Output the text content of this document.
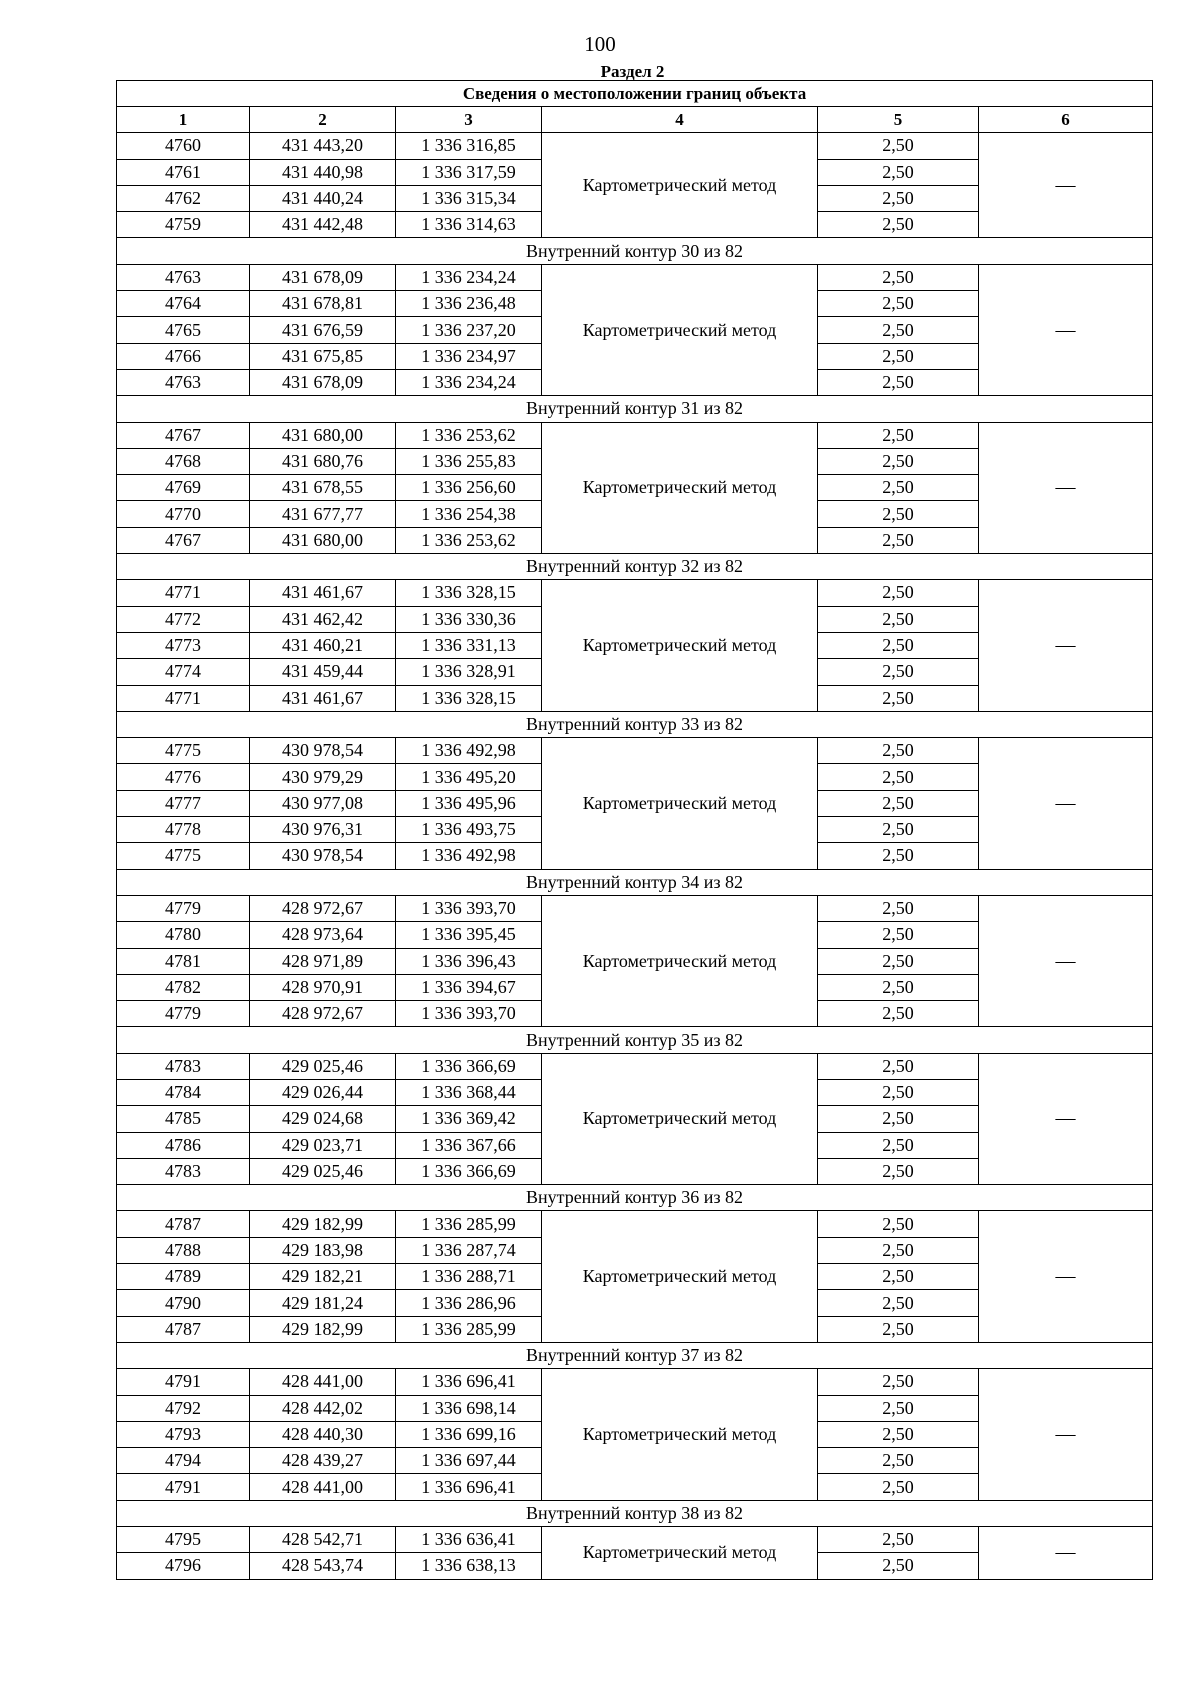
100
Раздел 2
Сведения о местоположении границ объекта					
1	2	3	4	5	6
4760	431 443,20	1 336 316,85	Картометрический метод	2,50	—
4761	431 440,98	1 336 317,59		2,50	
4762	431 440,24	1 336 315,34		2,50	
4759	431 442,48	1 336 314,63		2,50	
Внутренний контур 30 из 82					
4763	431 678,09	1 336 234,24	Картометрический метод	2,50	—
4764	431 678,81	1 336 236,48		2,50	
4765	431 676,59	1 336 237,20		2,50	
4766	431 675,85	1 336 234,97		2,50	
4763	431 678,09	1 336 234,24		2,50	
Внутренний контур 31 из 82					
4767	431 680,00	1 336 253,62	Картометрический метод	2,50	—
4768	431 680,76	1 336 255,83		2,50	
4769	431 678,55	1 336 256,60		2,50	
4770	431 677,77	1 336 254,38		2,50	
4767	431 680,00	1 336 253,62		2,50	
Внутренний контур 32 из 82					
4771	431 461,67	1 336 328,15	Картометрический метод	2,50	—
4772	431 462,42	1 336 330,36		2,50	
4773	431 460,21	1 336 331,13		2,50	
4774	431 459,44	1 336 328,91		2,50	
4771	431 461,67	1 336 328,15		2,50	
Внутренний контур 33 из 82					
4775	430 978,54	1 336 492,98	Картометрический метод	2,50	—
4776	430 979,29	1 336 495,20		2,50	
4777	430 977,08	1 336 495,96		2,50	
4778	430 976,31	1 336 493,75		2,50	
4775	430 978,54	1 336 492,98		2,50	
Внутренний контур 34 из 82					
4779	428 972,67	1 336 393,70	Картометрический метод	2,50	—
4780	428 973,64	1 336 395,45		2,50	
4781	428 971,89	1 336 396,43		2,50	
4782	428 970,91	1 336 394,67		2,50	
4779	428 972,67	1 336 393,70		2,50	
Внутренний контур 35 из 82					
4783	429 025,46	1 336 366,69	Картометрический метод	2,50	—
4784	429 026,44	1 336 368,44		2,50	
4785	429 024,68	1 336 369,42		2,50	
4786	429 023,71	1 336 367,66		2,50	
4783	429 025,46	1 336 366,69		2,50	
Внутренний контур 36 из 82					
4787	429 182,99	1 336 285,99	Картометрический метод	2,50	—
4788	429 183,98	1 336 287,74		2,50	
4789	429 182,21	1 336 288,71		2,50	
4790	429 181,24	1 336 286,96		2,50	
4787	429 182,99	1 336 285,99		2,50	
Внутренний контур 37 из 82					
4791	428 441,00	1 336 696,41	Картометрический метод	2,50	—
4792	428 442,02	1 336 698,14		2,50	
4793	428 440,30	1 336 699,16		2,50	
4794	428 439,27	1 336 697,44		2,50	
4791	428 441,00	1 336 696,41		2,50	
Внутренний контур 38 из 82					
4795	428 542,71	1 336 636,41	Картометрический метод	2,50	—
4796	428 543,74	1 336 638,13		2,50	
